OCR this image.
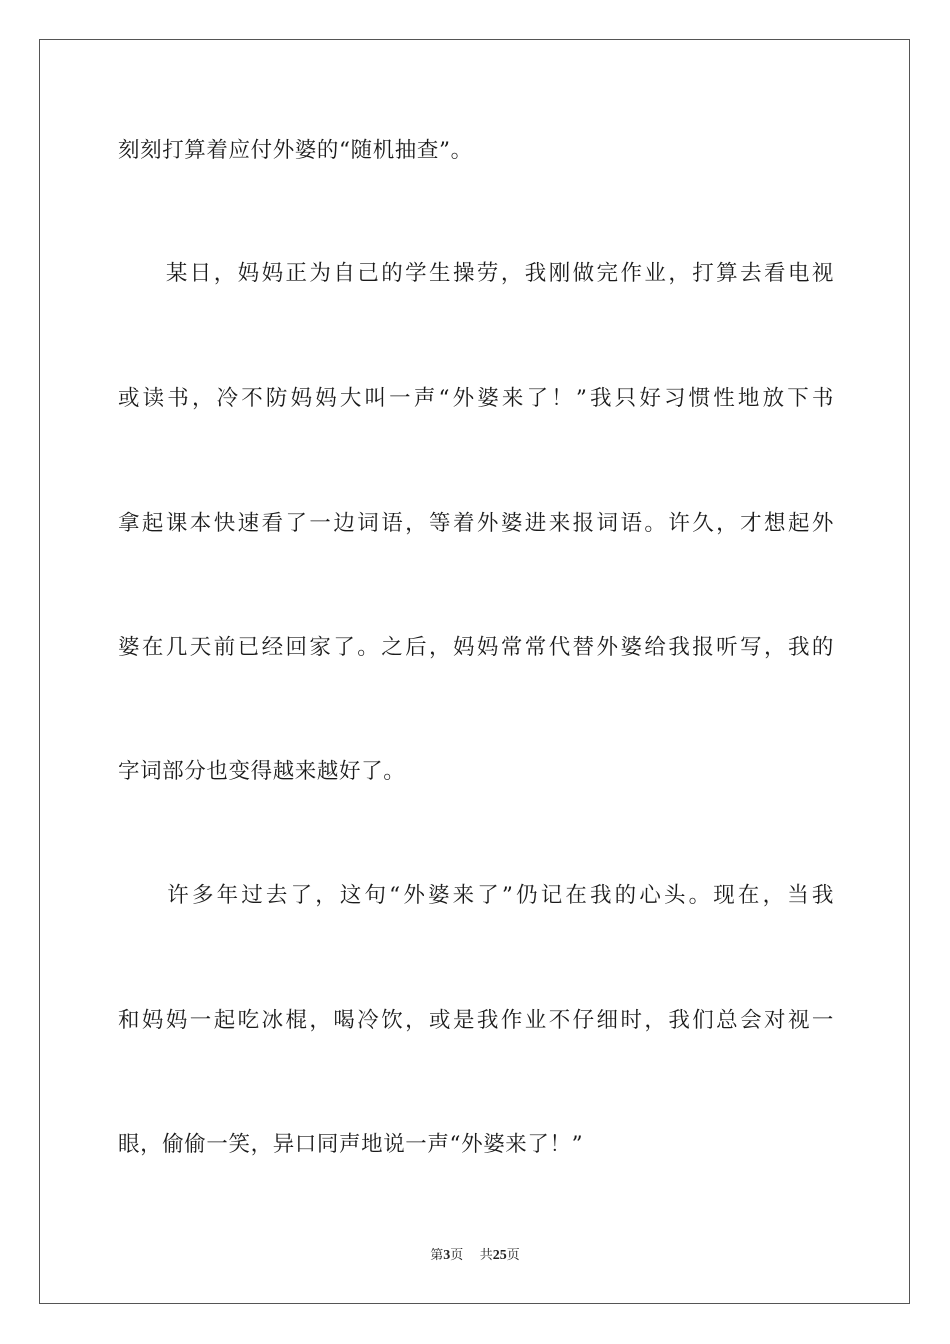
刻刻打算着应付外婆的“随机抽查”。
　　某日，妈妈正为自己的学生操劳，我刚做完作业，打算去看电视
或读书，冷不防妈妈大叫一声“外婆来了！”我只好习惯性地放下书
拿起课本快速看了一边词语，等着外婆进来报词语。许久，才想起外
婆在几天前已经回家了。之后，妈妈常常代替外婆给我报听写，我的
字词部分也变得越来越好了。
　　许多年过去了，这句“外婆来了”仍记在我的心头。现在，当我
和妈妈一起吃冰棍，喝冷饮，或是我作业不仔细时，我们总会对视一
眼，偷偷一笑，异口同声地说一声“外婆来了！”
第3页 共25页
